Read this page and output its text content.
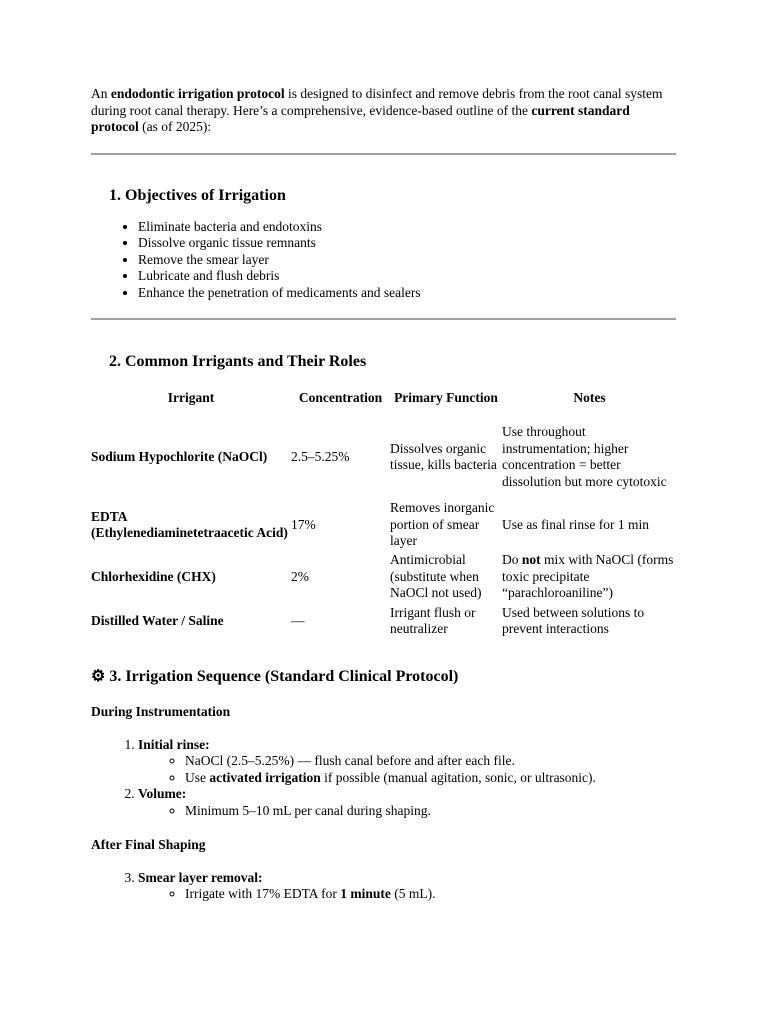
An endodontic irrigation protocol is designed to disinfect and remove debris from the root canal system during root canal therapy. Here’s a comprehensive, evidence-based outline of the current standard protocol (as of 2025):

1. Objectives of Irrigation
• Eliminate bacteria and endotoxins
• Dissolve organic tissue remnants
• Remove the smear layer
• Lubricate and flush debris
• Enhance the penetration of medicaments and sealers
2. Common Irrigants and Their Roles
Irrigant	Concentration	Primary Function	Notes
Sodium Hypochlorite (NaOCl)	2.5–5.25%	Dissolves organic tissue, kills bacteria	Use throughout instrumentation; higher concentration = better dissolution but more cytotoxic
EDTA (Ethylenediaminetetraacetic Acid)	17%	Removes inorganic portion of smear layer	Use as final rinse for 1 min
Chlorhexidine (CHX)	2%	Antimicrobial (substitute when NaOCl not used)	Do not mix with NaOCl (forms toxic precipitate “parachloroaniline”)
Distilled Water / Saline	—	Irrigant flush or neutralizer	Used between solutions to prevent interactions
⚙ 3. Irrigation Sequence (Standard Clinical Protocol)
During Instrumentation
1. Initial rinse:
◦ NaOCl (2.5–5.25%) — flush canal before and after each file.
◦ Use activated irrigation if possible (manual agitation, sonic, or ultrasonic).
2. Volume:
◦ Minimum 5–10 mL per canal during shaping.
After Final Shaping
3. Smear layer removal:
◦ Irrigate with 17% EDTA for 1 minute (5 mL).
